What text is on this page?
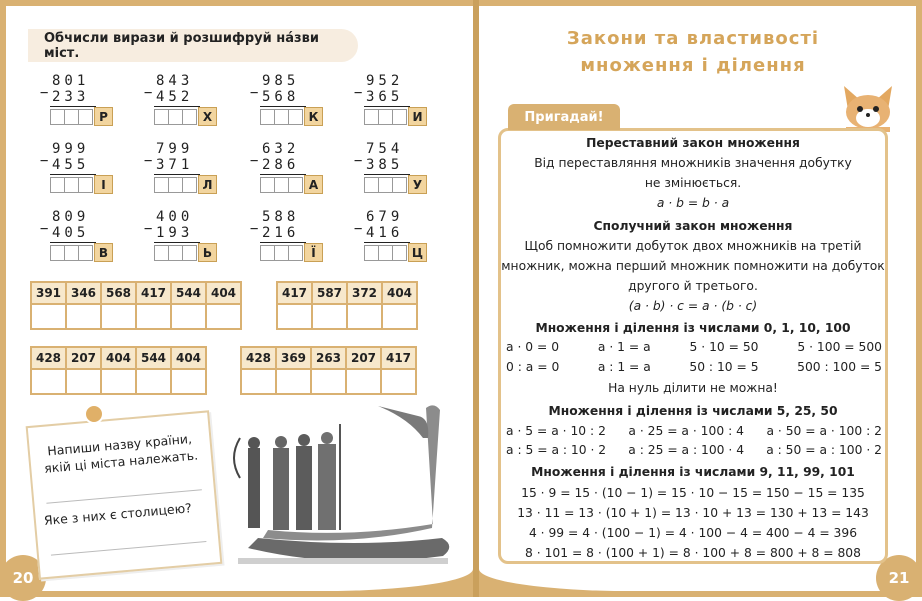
20
Обчисли вирази й розшифруй на́зви міст.
−
801
233
Р
−
843
452
Х
−
985
568
К
−
952
365
И
−
999
455
І
−
799
371
Л
−
632
286
А
−
754
385
У
−
809
405
В
−
400
193
Ь
−
588
216
Ї
−
679
416
Ц
391	346	568	417	544	404
						417	587	372	404

428	207	404	544	404
					428	369	263	207	417

Напиши назву країни, якій ці міста належать.
Яке з них є столицею?
21
Закони та властивості
множення і ділення
Пригадай!
Переставний закон множення
Від переставляння множників значення добутку
не змінюється.
a · b = b · a
Сполучний закон множення
Щоб помножити добуток двох множників на третій
множник, можна перший множник помножити на добуток
другого й третього.
(a · b) · c = a · (b · c)
Множення і ділення із числами 0, 1, 10, 100
a · 0 = 0	a · 1 = a	5 · 10 = 50	5 · 100 = 500
0 : a = 0	a : 1 = a	50 : 10 = 5	500 : 100 = 5
На нуль ділити не можна!
Множення і ділення із числами 5, 25, 50
a · 5 = a · 10 : 2 a · 25 = a · 100 : 4 a · 50 = a · 100 : 2
a : 5 = a : 10 · 2 a : 25 = a : 100 · 4 a : 50 = a : 100 · 2
Множення і ділення із числами 9, 11, 99, 101
15 · 9 = 15 · (10 − 1) = 15 · 10 − 15 = 150 − 15 = 135
13 · 11 = 13 · (10 + 1) = 13 · 10 + 13 = 130 + 13 = 143
4 · 99 = 4 · (100 − 1) = 4 · 100 − 4 = 400 − 4 = 396
8 · 101 = 8 · (100 + 1) = 8 · 100 + 8 = 800 + 8 = 808
